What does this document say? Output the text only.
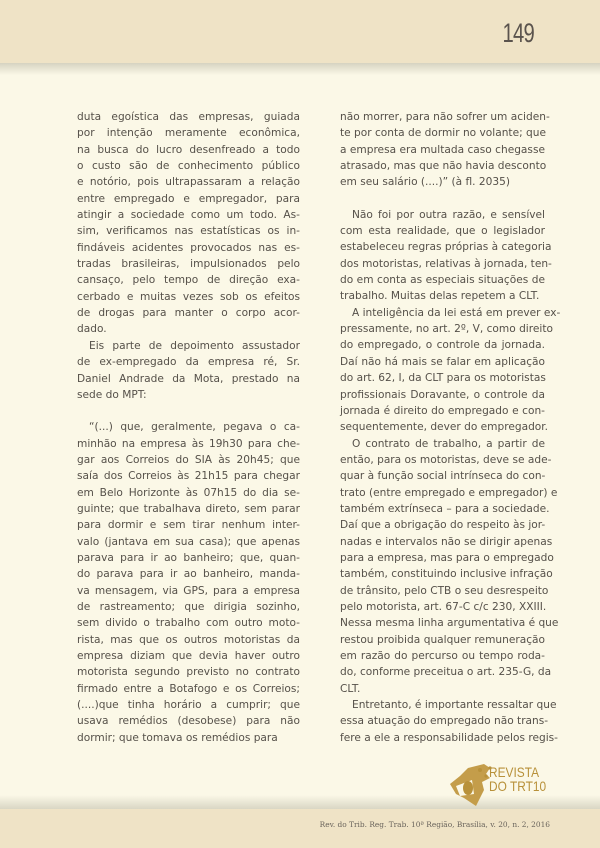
149
duta egoística das empresas, guiada
por intenção meramente econômica,
na busca do lucro desenfreado a todo
o custo são de conhecimento público
e notório, pois ultrapassaram a relação
entre empregado e empregador, para
atingir a sociedade como um todo. As-
sim, verificamos nas estatísticas os in-
findáveis acidentes provocados nas es-
tradas brasileiras, impulsionados pelo
cansaço, pelo tempo de direção exa-
cerbado e muitas vezes sob os efeitos
de drogas para manter o corpo acor-
dado.
Eis parte de depoimento assustador
de ex-empregado da empresa ré, Sr.
Daniel Andrade da Mota, prestado na
sede do MPT:
“(...) que, geralmente, pegava o ca-
minhão na empresa às 19h30 para che-
gar aos Correios do SIA às 20h45; que
saía dos Correios às 21h15 para chegar
em Belo Horizonte às 07h15 do dia se-
guinte; que trabalhava direto, sem parar
para dormir e sem tirar nenhum inter-
valo (jantava em sua casa); que apenas
parava para ir ao banheiro; que, quan-
do parava para ir ao banheiro, manda-
va mensagem, via GPS, para a empresa
de rastreamento; que dirigia sozinho,
sem divido o trabalho com outro moto-
rista, mas que os outros motoristas da
empresa diziam que devia haver outro
motorista segundo previsto no contrato
firmado entre a Botafogo e os Correios;
(....)que tinha horário a cumprir; que
usava remédios (desobese) para não
dormir; que tomava os remédios para
não morrer, para não sofrer um aciden-
te por conta de dormir no volante; que
a empresa era multada caso chegasse
atrasado, mas que não havia desconto
em seu salário (....)” (à fl. 2035)
Não foi por outra razão, e sensível
com esta realidade, que o legislador
estabeleceu regras próprias à categoria
dos motoristas, relativas à jornada, ten-
do em conta as especiais situações de
trabalho. Muitas delas repetem a CLT.
A inteligência da lei está em prever ex-
pressamente, no art. 2º, V, como direito
do empregado, o controle da jornada.
Daí não há mais se falar em aplicação
do art. 62, I, da CLT para os motoristas
profissionais Doravante, o controle da
jornada é direito do empregado e con-
sequentemente, dever do empregador.
O contrato de trabalho, a partir de
então, para os motoristas, deve se ade-
quar à função social intrínseca do con-
trato (entre empregado e empregador) e
também extrínseca – para a sociedade.
Daí que a obrigação do respeito às jor-
nadas e intervalos não se dirigir apenas
para a empresa, mas para o empregado
também, constituindo inclusive infração
de trânsito, pelo CTB o seu desrespeito
pelo motorista, art. 67-C c/c 230, XXIII.
Nessa mesma linha argumentativa é que
restou proibida qualquer remuneração
em razão do percurso ou tempo roda-
do, conforme preceitua o art. 235-G, da
CLT.
Entretanto, é importante ressaltar que
essa atuação do empregado não trans-
fere a ele a responsabilidade pelos regis-
REVISTA
DO TRT10
Rev. do Trib. Reg. Trab. 10ª Região, Brasília, v. 20, n. 2, 2016
